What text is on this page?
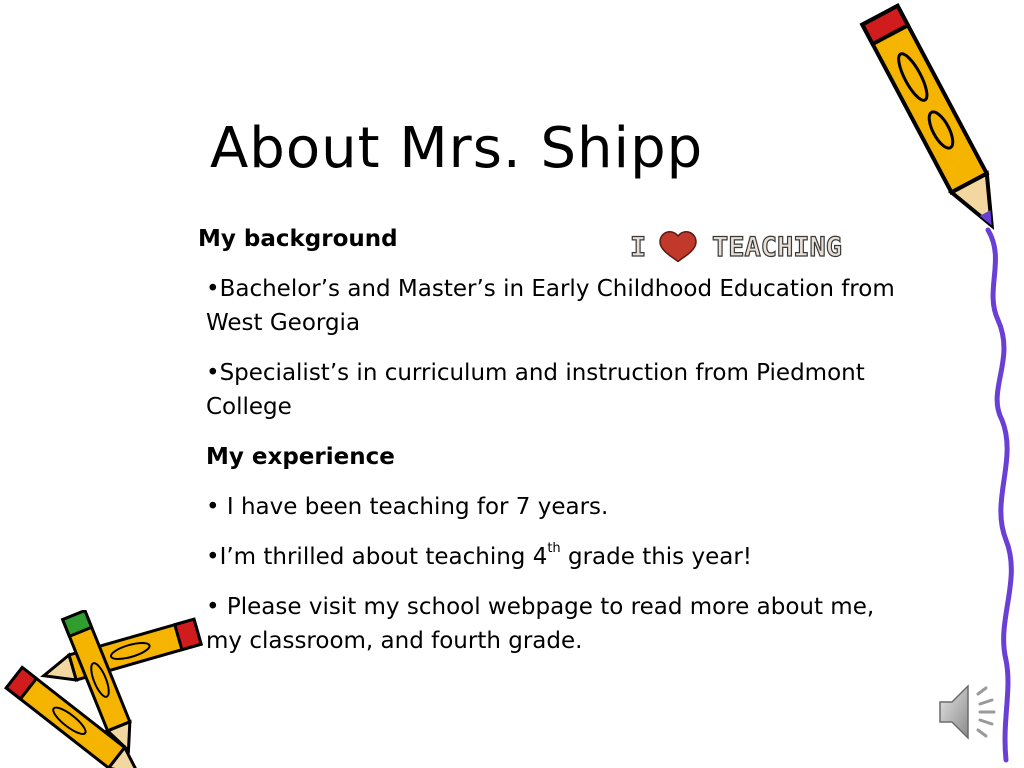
About Mrs. Shipp
I TEACHING

My background

•Bachelor’s and Master’s in Early Childhood Education from West Georgia

•Specialist’s in curriculum and instruction from Piedmont College

My experience

• I have been teaching for 7 years.

•I’m thrilled about teaching 4th grade this year!

• Please visit my school webpage to read more about me, my classroom, and fourth grade.
